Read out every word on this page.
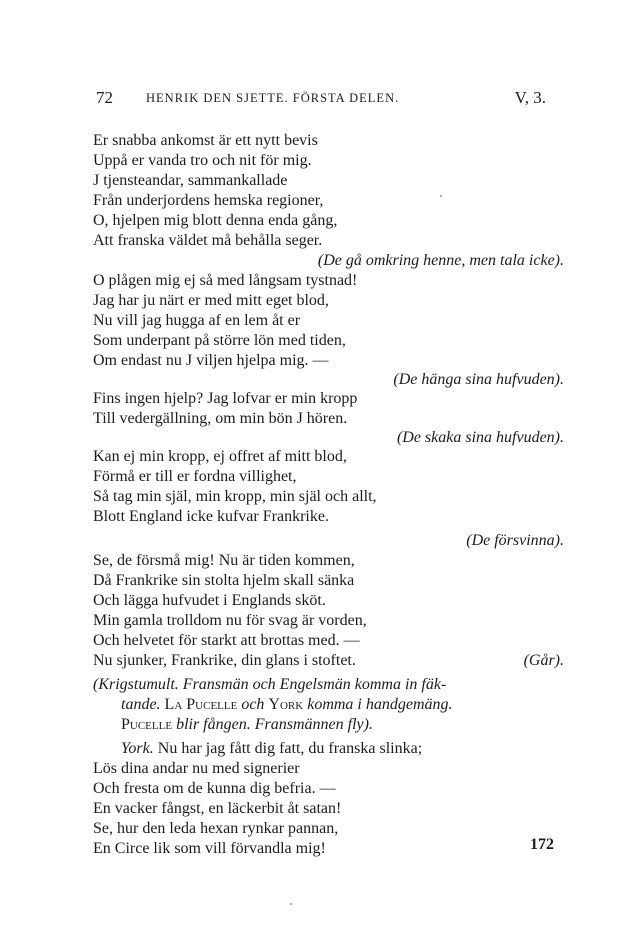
72	HENRIK DEN SJETTE. FÖRSTA DELEN.	V, 3.
Er snabba ankomst är ett nytt bevis
Uppå er vanda tro och nit för mig.
J tjensteandar, sammankallade
Från underjordens hemska regioner,
O, hjelpen mig blott denna enda gång,
Att franska väldet må behålla seger.
(De gå omkring henne, men tala icke).
O plågen mig ej så med långsam tystnad!
Jag har ju närt er med mitt eget blod,
Nu vill jag hugga af en lem åt er
Som underpant på större lön med tiden,
Om endast nu J viljen hjelpa mig. —
(De hänga sina hufvuden).
Fins ingen hjelp? Jag lofvar er min kropp
Till vedergällning, om min bön J hören.
(De skaka sina hufvuden).
Kan ej min kropp, ej offret af mitt blod,
Förmå er till er fordna villighet,
Så tag min själ, min kropp, min själ och allt,
Blott England icke kufvar Frankrike.
(De försvinna).
Se, de försmå mig! Nu är tiden kommen,
Då Frankrike sin stolta hjelm skall sänka
Och lägga hufvudet i Englands sköt.
Min gamla trolldom nu för svag är vorden,
Och helvetet för starkt att brottas med. —
Nu sjunker, Frankrike, din glans i stoftet.	(Går).
(Krigstumult. Fransmän och Engelsmän komma in fäk-
tande. La Pucelle och York komma i handgemäng.
Pucelle blir fången. Fransmännen fly).
York. Nu har jag fått dig fatt, du franska slinka;
Lös dina andar nu med signerier
Och fresta om de kunna dig befria. —
En vacker fångst, en läckerbit åt satan!
Se, hur den leda hexan rynkar pannan,
En Circe lik som vill förvandla mig!	172
